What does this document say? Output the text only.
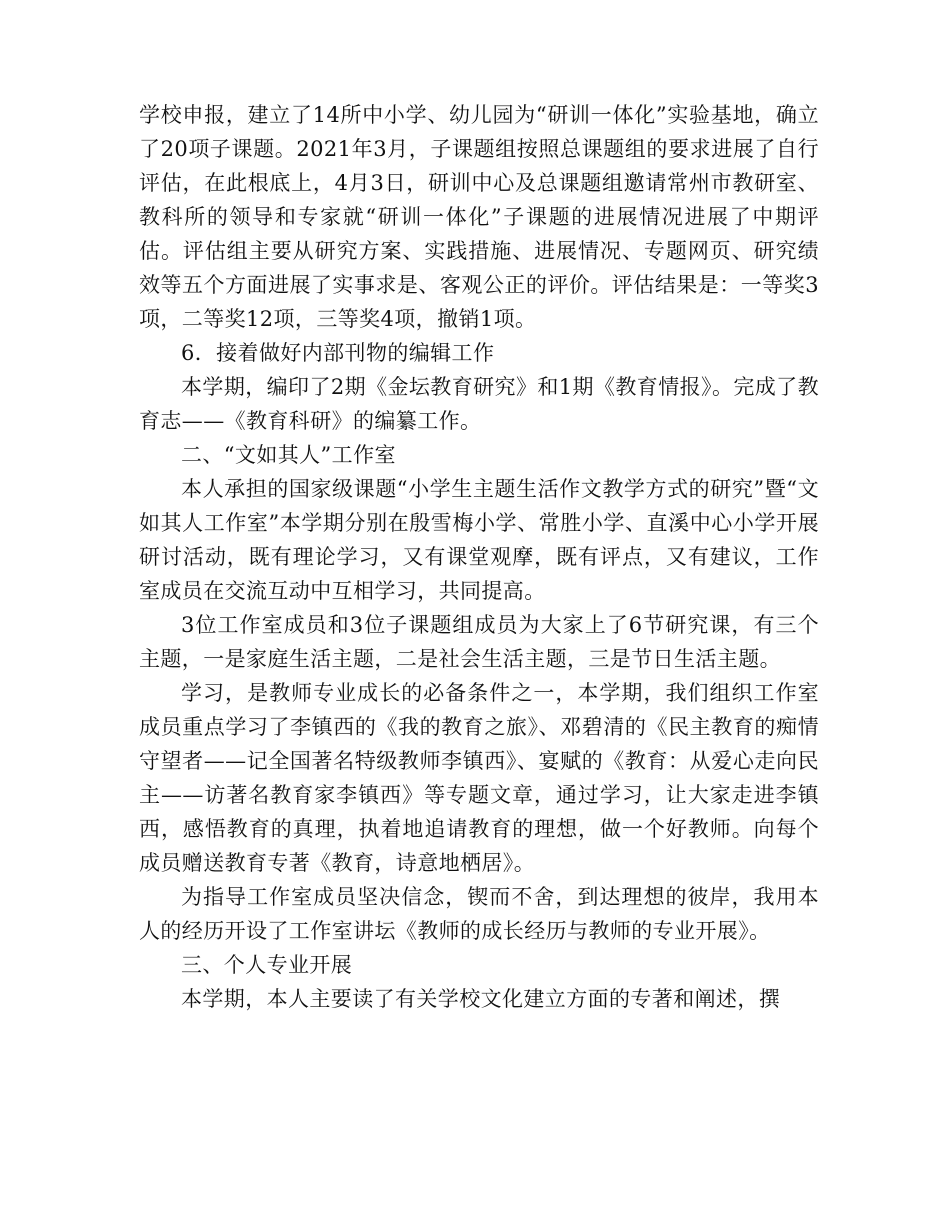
学校申报，建立了14所中小学、幼儿园为“研训一体化”实验基地，确立了20项子课题。2021年3月，子课题组按照总课题组的要求进展了自行评估，在此根底上，4月3日，研训中心及总课题组邀请常州市教研室、教科所的领导和专家就“研训一体化”子课题的进展情况进展了中期评估。评估组主要从研究方案、实践措施、进展情况、专题网页、研究绩效等五个方面进展了实事求是、客观公正的评价。评估结果是：一等奖3项，二等奖12项，三等奖4项，撤销1项。

6．接着做好内部刊物的编辑工作

本学期，编印了2期《金坛教育研究》和1期《教育情报》。完成了教育志——《教育科研》的编纂工作。

二、“文如其人”工作室

本人承担的国家级课题“小学生主题生活作文教学方式的研究”暨“文如其人工作室”本学期分别在殷雪梅小学、常胜小学、直溪中心小学开展研讨活动，既有理论学习，又有课堂观摩，既有评点，又有建议，工作室成员在交流互动中互相学习，共同提高。

3位工作室成员和3位子课题组成员为大家上了6节研究课，有三个主题，一是家庭生活主题，二是社会生活主题，三是节日生活主题。

学习，是教师专业成长的必备条件之一，本学期，我们组织工作室成员重点学习了李镇西的《我的教育之旅》、邓碧清的《民主教育的痴情守望者——记全国著名特级教师李镇西》、宴赋的《教育：从爱心走向民主——访著名教育家李镇西》等专题文章，通过学习，让大家走进李镇西，感悟教育的真理，执着地追请教育的理想，做一个好教师。向每个成员赠送教育专著《教育，诗意地栖居》。

为指导工作室成员坚决信念，锲而不舍，到达理想的彼岸，我用本人的经历开设了工作室讲坛《教师的成长经历与教师的专业开展》。

三、个人专业开展

本学期，本人主要读了有关学校文化建立方面的专著和阐述，撰
